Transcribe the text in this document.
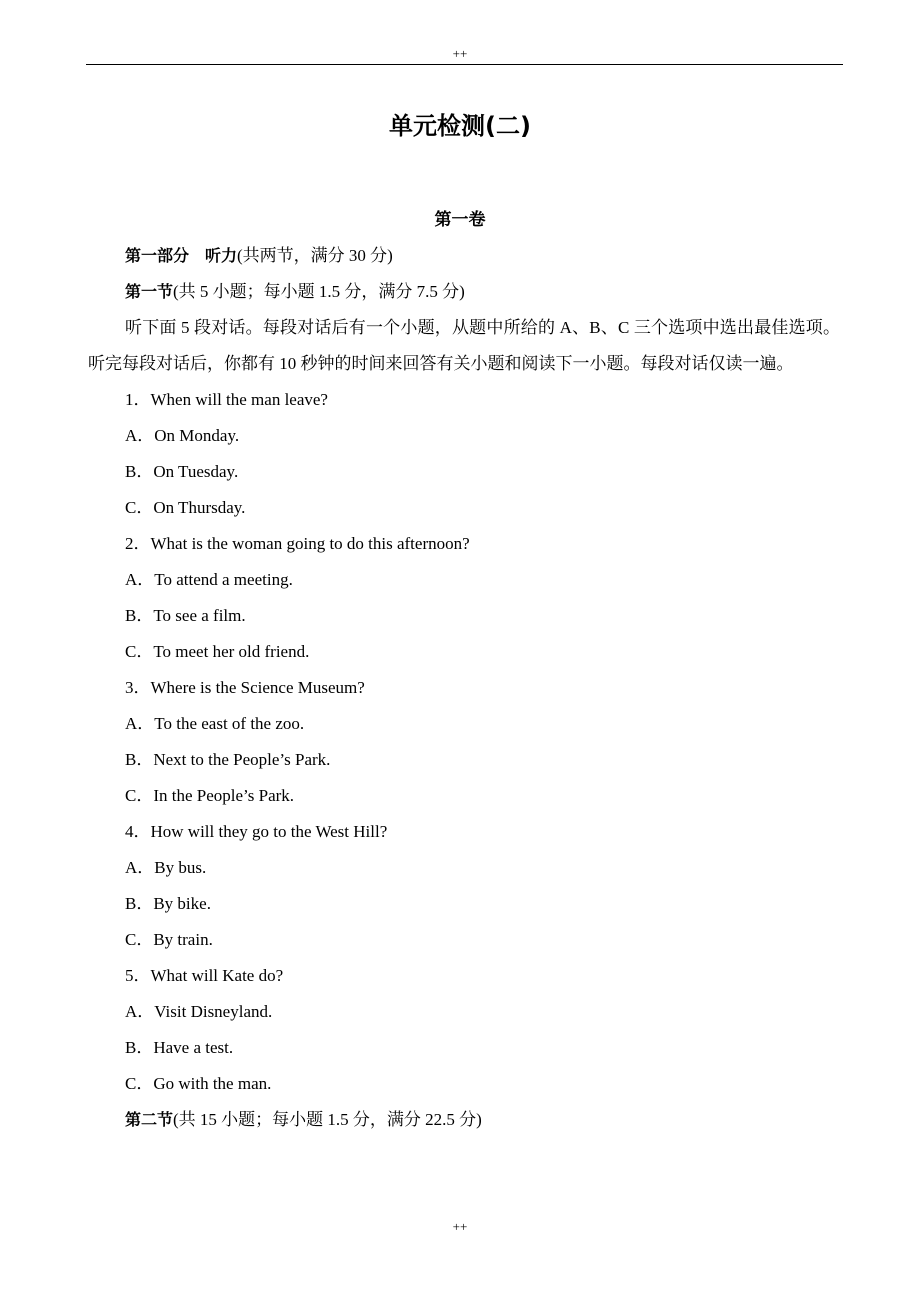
++
单元检测(二)
第一卷
第一部分　听力(共两节，满分 30 分)
第一节(共 5 小题；每小题 1.5 分，满分 7.5 分)
听下面 5 段对话。每段对话后有一个小题，从题中所给的 A、B、C 三个选项中选出最佳选项。听完每段对话后，你都有 10 秒钟的时间来回答有关小题和阅读下一小题。每段对话仅读一遍。
1．When will the man leave?
A．On Monday.
B．On Tuesday.
C．On Thursday.
2．What is the woman going to do this afternoon?
A．To attend a meeting.
B．To see a film.
C．To meet her old friend.
3．Where is the Science Museum?
A．To the east of the zoo.
B．Next to the People’s Park.
C．In the People’s Park.
4．How will they go to the West Hill?
A．By bus.
B．By bike.
C．By train.
5．What will Kate do?
A．Visit Disneyland.
B．Have a test.
C．Go with the man.
第二节(共 15 小题；每小题 1.5 分，满分 22.5 分)
++
